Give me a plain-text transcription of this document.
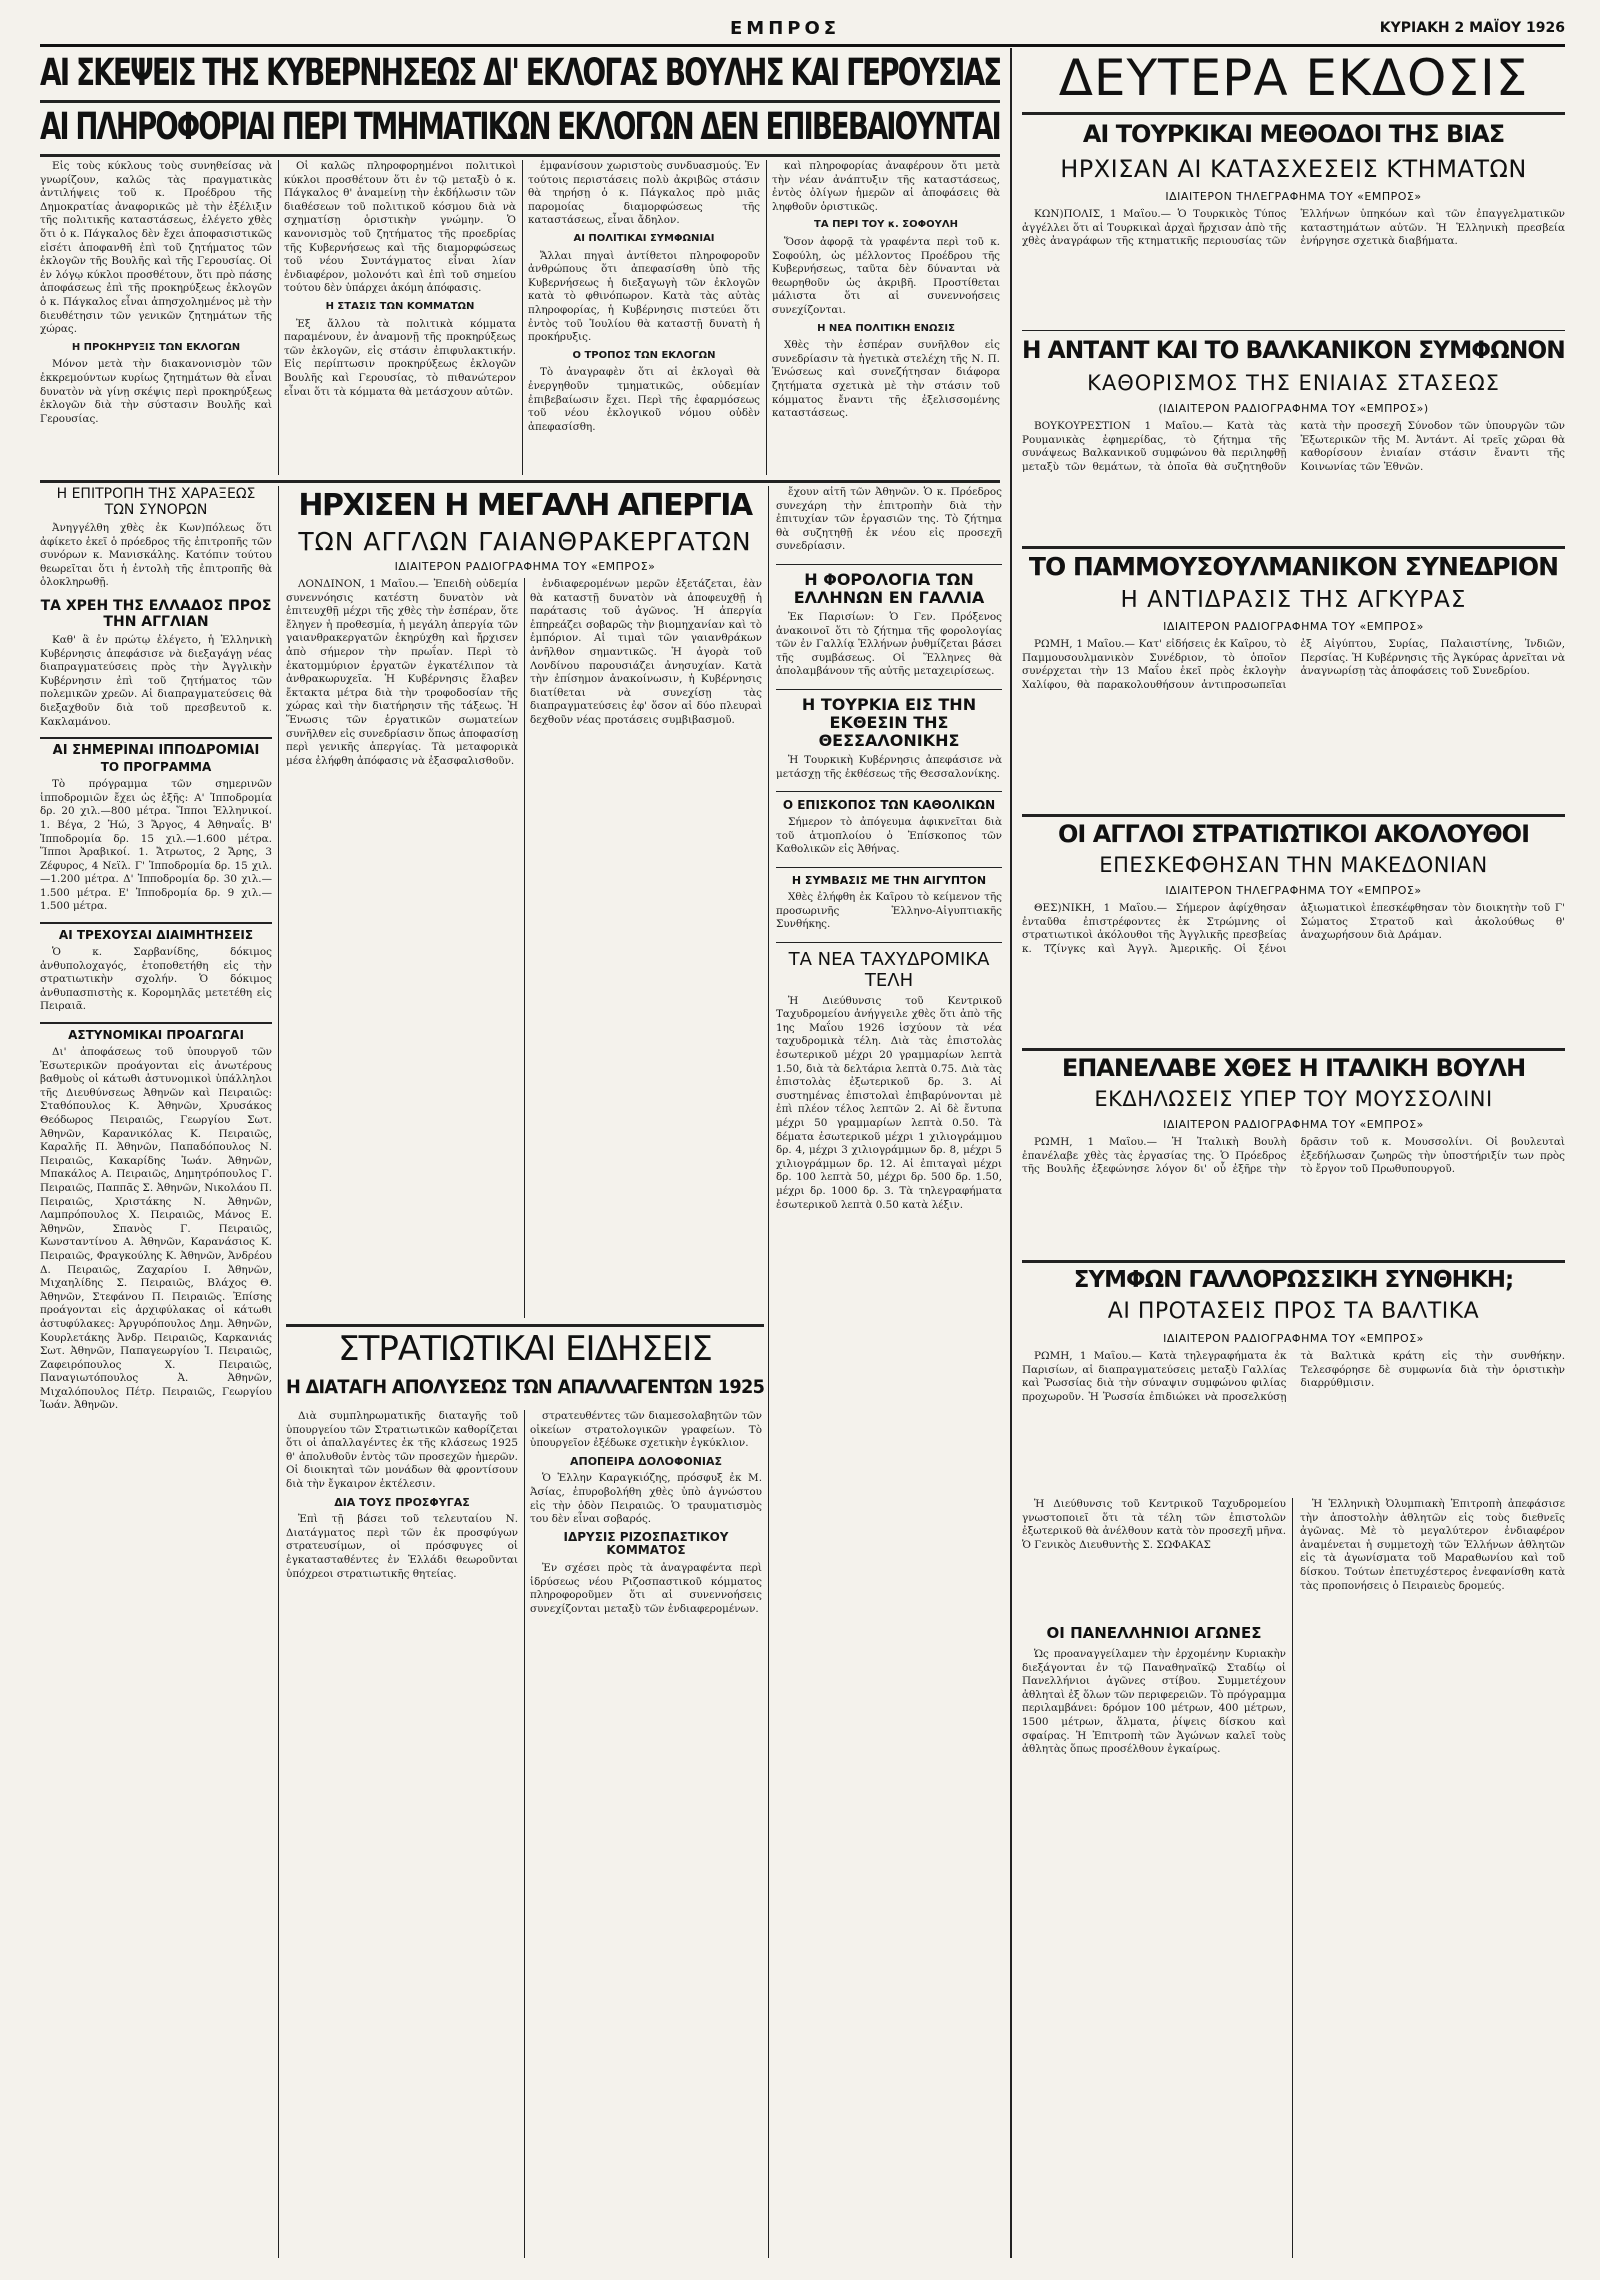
ΕΜΠΡΟΣ	ΚΥΡΙΑΚΗ 2 ΜΑΪΟΥ 1926
ΑΙ ΣΚΕΨΕΙΣ ΤΗΣ ΚΥΒΕΡΝΗΣΕΩΣ ΔΙ' ΕΚΛΟΓΑΣ ΒΟΥΛΗΣ ΚΑΙ ΓΕΡΟΥΣΙΑΣ
ΑΙ ΠΛΗΡΟΦΟΡΙΑΙ ΠΕΡΙ ΤΜΗΜΑΤΙΚΩΝ ΕΚΛΟΓΩΝ ΔΕΝ ΕΠΙΒΕΒΑΙΟΥΝΤΑΙ

Εἰς τοὺς κύκλους τοὺς συνηθείσας νὰ γνωρίζουν, καλῶς τὰς πραγματικὰς ἀντιλήψεις τοῦ κ. Προέδρου τῆς Δημοκρατίας ἀναφορικῶς μὲ τὴν ἐξέλιξιν τῆς πολιτικῆς καταστάσεως, ἐλέγετο χθὲς ὅτι ὁ κ. Πάγκαλος δὲν ἔχει ἀποφασιστικῶς εἰσέτι ἀποφανθῆ ἐπὶ τοῦ ζητήματος τῶν ἐκλογῶν τῆς Βουλῆς καὶ τῆς Γερουσίας. Οἱ ἐν λόγῳ κύκλοι προσθέτουν, ὅτι πρὸ πάσης ἀποφάσεως ἐπὶ τῆς προκηρύξεως ἐκλογῶν ὁ κ. Πάγκαλος εἶναι ἀπησχολημένος μὲ τὴν διευθέτησιν τῶν γενικῶν ζητημάτων τῆς χώρας.

Η ΠΡΟΚΗΡΥΞΙΣ ΤΩΝ ΕΚΛΟΓΩΝ

Μόνον μετὰ τὴν διακανονισμὸν τῶν ἐκκρεμούντων κυρίως ζητημάτων θὰ εἶναι δυνατὸν νὰ γίνῃ σκέψις περὶ προκηρύξεως ἐκλογῶν διὰ τὴν σύστασιν Βουλῆς καὶ Γερουσίας.

Οἱ καλῶς πληροφορημένοι πολιτικοὶ κύκλοι προσθέτουν ὅτι ἐν τῷ μεταξὺ ὁ κ. Πάγκαλος θ' ἀναμείνῃ τὴν ἐκδήλωσιν τῶν διαθέσεων τοῦ πολιτικοῦ κόσμου διὰ νὰ σχηματίσῃ ὁριστικὴν γνώμην. Ὁ κανονισμὸς τοῦ ζητήματος τῆς προεδρίας τῆς Κυβερνήσεως καὶ τῆς διαμορφώσεως τοῦ νέου Συντάγματος εἶναι λίαν ἐνδιαφέρον, μολονότι καὶ ἐπὶ τοῦ σημείου τούτου δὲν ὑπάρχει ἀκόμη ἀπόφασις.

Η ΣΤΑΣΙΣ ΤΩΝ ΚΟΜΜΑΤΩΝ

Ἐξ ἄλλου τὰ πολιτικὰ κόμματα παραμένουν, ἐν ἀναμονῇ τῆς προκηρύξεως τῶν ἐκλογῶν, εἰς στάσιν ἐπιφυλακτικήν. Εἰς περίπτωσιν προκηρύξεως ἐκλογῶν Βουλῆς καὶ Γερουσίας, τὸ πιθανώτερον εἶναι ὅτι τὰ κόμματα θὰ μετάσχουν αὐτῶν.

ἐμφανίσουν χωριστοὺς συνδυασμούς. Ἐν τούτοις περιστάσεις πολὺ ἀκριβῶς στάσιν θὰ τηρήσῃ ὁ κ. Πάγκαλος πρὸ μιᾶς παρομοίας διαμορφώσεως τῆς καταστάσεως, εἶναι ἄδηλον.

ΑΙ ΠΟΛΙΤΙΚΑΙ ΣΥΜΦΩΝΙΑΙ

Ἄλλαι πηγαὶ ἀντίθετοι πληροφοροῦν ἀνθρώπους ὅτι ἀπεφασίσθη ὑπὸ τῆς Κυβερνήσεως ἡ διεξαγωγὴ τῶν ἐκλογῶν κατὰ τὸ φθινόπωρον. Κατὰ τὰς αὐτὰς πληροφορίας, ἡ Κυβέρνησις πιστεύει ὅτι ἐντὸς τοῦ Ἰουλίου θὰ καταστῇ δυνατὴ ἡ προκήρυξις.

Ο ΤΡΟΠΟΣ ΤΩΝ ΕΚΛΟΓΩΝ

Τὸ ἀναγραφὲν ὅτι αἱ ἐκλογαὶ θὰ ἐνεργηθοῦν τμηματικῶς, οὐδεμίαν ἐπιβεβαίωσιν ἔχει. Περὶ τῆς ἐφαρμόσεως τοῦ νέου ἐκλογικοῦ νόμου οὐδὲν ἀπεφασίσθη.

καὶ πληροφορίας ἀναφέρουν ὅτι μετὰ τὴν νέαν ἀνάπτυξιν τῆς καταστάσεως, ἐντὸς ὀλίγων ἡμερῶν αἱ ἀποφάσεις θὰ ληφθοῦν ὁριστικῶς.

ΤΑ ΠΕΡΙ ΤΟΥ κ. ΣΟΦΟΥΛΗ

Ὅσον ἀφορᾷ τὰ γραφέντα περὶ τοῦ κ. Σοφούλη, ὡς μέλλοντος Προέδρου τῆς Κυβερνήσεως, ταῦτα δὲν δύνανται νὰ θεωρηθοῦν ὡς ἀκριβῆ. Προστίθεται μάλιστα ὅτι αἱ συνεννοήσεις συνεχίζονται.

Η ΝΕΑ ΠΟΛΙΤΙΚΗ ΕΝΩΣΙΣ

Χθὲς τὴν ἑσπέραν συνῆλθον εἰς συνεδρίασιν τὰ ἡγετικὰ στελέχη τῆς Ν. Π. Ἑνώσεως καὶ συνεζήτησαν διάφορα ζητήματα σχετικὰ μὲ τὴν στάσιν τοῦ κόμματος ἔναντι τῆς ἐξελισσομένης καταστάσεως.

ΔΕΥΤΕΡΑ ΕΚΔΟΣΙΣ
ΑΙ ΤΟΥΡΚΙΚΑΙ ΜΕΘΟΔΟΙ ΤΗΣ ΒΙΑΣ
ΗΡΧΙΣΑΝ ΑΙ ΚΑΤΑΣΧΕΣΕΙΣ ΚΤΗΜΑΤΩΝ
ΙΔΙΑΙΤΕΡΟΝ ΤΗΛΕΓΡΑΦΗΜΑ ΤΟΥ «ΕΜΠΡΟΣ»

ΚΩΝ)ΠΟΛΙΣ, 1 Μαΐου.— Ὁ Τουρκικὸς Τύπος ἀγγέλλει ὅτι αἱ Τουρκικαὶ ἀρχαὶ ἤρχισαν ἀπὸ τῆς χθὲς ἀναγράφων τῆς κτηματικῆς περιουσίας τῶν Ἑλλήνων ὑπηκόων καὶ τῶν ἐπαγγελματικῶν καταστημάτων αὐτῶν. Ἡ Ἑλληνικὴ πρεσβεία ἐνήργησε σχετικὰ διαβήματα.

Η ΑΝΤΑΝΤ ΚΑΙ ΤΟ ΒΑΛΚΑΝΙΚΟΝ ΣΥΜΦΩΝΟΝ
ΚΑΘΟΡΙΣΜΟΣ ΤΗΣ ΕΝΙΑΙΑΣ ΣΤΑΣΕΩΣ
(ΙΔΙΑΙΤΕΡΟΝ ΡΑΔΙΟΓΡΑΦΗΜΑ ΤΟΥ «ΕΜΠΡΟΣ»)

ΒΟΥΚΟΥΡΕΣΤΙΟΝ 1 Μαΐου.— Κατὰ τὰς Ρουμανικὰς ἐφημερίδας, τὸ ζήτημα τῆς συνάψεως Βαλκανικοῦ συμφώνου θὰ περιληφθῇ μεταξὺ τῶν θεμάτων, τὰ ὁποῖα θὰ συζητηθοῦν κατὰ τὴν προσεχῆ Σύνοδον τῶν ὑπουργῶν τῶν Ἐξωτερικῶν τῆς Μ. Ἀντάντ. Αἱ τρεῖς χῶραι θὰ καθορίσουν ἑνιαίαν στάσιν ἔναντι τῆς Κοινωνίας τῶν Ἐθνῶν.

Η ΕΠΙΤΡΟΠΗ ΤΗΣ ΧΑΡΑΞΕΩΣ ΤΩΝ ΣΥΝΟΡΩΝ

Ἀνηγγέλθη χθὲς ἐκ Κων)πόλεως ὅτι ἀφίκετο ἐκεῖ ὁ πρόεδρος τῆς ἐπιτροπῆς τῶν συνόρων κ. Μανισκάλης. Κατόπιν τούτου θεωρεῖται ὅτι ἡ ἐντολὴ τῆς ἐπιτροπῆς θὰ ὁλοκληρωθῇ.

ΤΑ ΧΡΕΗ ΤΗΣ ΕΛΛΑΔΟΣ ΠΡΟΣ ΤΗΝ ΑΓΓΛΙΑΝ

Καθ' ἃ ἐν πρώτῳ ἐλέγετο, ἡ Ἑλληνικὴ Κυβέρνησις ἀπεφάσισε νὰ διεξαγάγῃ νέας διαπραγματεύσεις πρὸς τὴν Ἀγγλικὴν Κυβέρνησιν ἐπὶ τοῦ ζητήματος τῶν πολεμικῶν χρεῶν. Αἱ διαπραγματεύσεις θὰ διεξαχθοῦν διὰ τοῦ πρεσβευτοῦ κ. Κακλαμάνου.

ΑΙ ΣΗΜΕΡΙΝΑΙ ΙΠΠΟΔΡΟΜΙΑΙ
ΤΟ ΠΡΟΓΡΑΜΜΑ

Τὸ πρόγραμμα τῶν σημερινῶν ἱπποδρομιῶν ἔχει ὡς ἑξῆς: Α' Ἱπποδρομία δρ. 20 χιλ.—800 μέτρα. Ἵπποι Ἑλληνικοί. 1. Βέγα, 2 Ἠώ, 3 Ἄργος, 4 Ἀθηναΐς. Β' Ἱπποδρομία δρ. 15 χιλ.—1.600 μέτρα. Ἵπποι Ἀραβικοί. 1. Ἄτρωτος, 2 Ἄρης, 3 Ζέφυρος, 4 Νεϊλ. Γ' Ἱπποδρομία δρ. 15 χιλ.—1.200 μέτρα. Δ' Ἱπποδρομία δρ. 30 χιλ.—1.500 μέτρα. Ε' Ἱπποδρομία δρ. 9 χιλ.—1.500 μέτρα.

ΑΙ ΤΡΕΧΟΥΣΑΙ ΔΙΑΙΜΗΤΗΣΕΙΣ

Ὁ κ. Σαρβανίδης, δόκιμος ἀνθυπολοχαγός, ἐτοποθετήθη εἰς τὴν στρατιωτικὴν σχολήν. Ὁ δόκιμος ἀνθυπασπιστὴς κ. Κορομηλᾶς μετετέθη εἰς Πειραιᾶ.

ΑΣΤΥΝΟΜΙΚΑΙ ΠΡΟΑΓΩΓΑΙ

Δι' ἀποφάσεως τοῦ ὑπουργοῦ τῶν Ἐσωτερικῶν προάγονται εἰς ἀνωτέρους βαθμοὺς οἱ κάτωθι ἀστυνομικοὶ ὑπάλληλοι τῆς Διευθύνσεως Ἀθηνῶν καὶ Πειραιῶς: Σταθόπουλος Κ. Ἀθηνῶν, Χρυσάκος Θεόδωρος Πειραιῶς, Γεωργίου Σωτ. Ἀθηνῶν, Καρανικόλας Κ. Πειραιῶς, Καραλῆς Π. Ἀθηνῶν, Παπαδόπουλος Ν. Πειραιῶς, Κακαρίδης Ἰωάν. Ἀθηνῶν, Μπακάλος Α. Πειραιῶς, Δημητρόπουλος Γ. Πειραιῶς, Παππᾶς Σ. Ἀθηνῶν, Νικολάου Π. Πειραιῶς, Χριστάκης Ν. Ἀθηνῶν, Λαμπρόπουλος Χ. Πειραιῶς, Μάνος Ε. Ἀθηνῶν, Σπανὸς Γ. Πειραιῶς, Κωνσταντίνου Α. Ἀθηνῶν, Καρανάσιος Κ. Πειραιῶς, Φραγκούλης Κ. Ἀθηνῶν, Ἀνδρέου Δ. Πειραιῶς, Ζαχαρίου Ι. Ἀθηνῶν, Μιχαηλίδης Σ. Πειραιῶς, Βλάχος Θ. Ἀθηνῶν, Στεφάνου Π. Πειραιῶς. Ἐπίσης προάγονται εἰς ἀρχιφύλακας οἱ κάτωθι ἀστυφύλακες: Ἀργυρόπουλος Δημ. Ἀθηνῶν, Κουρλετάκης Ἀνδρ. Πειραιῶς, Καρκανιάς Σωτ. Ἀθηνῶν, Παπαγεωργίου Ἰ. Πειραιῶς, Ζαφειρόπουλος Χ. Πειραιῶς, Παναγιωτόπουλος Ἀ. Ἀθηνῶν, Μιχαλόπουλος Πέτρ. Πειραιῶς, Γεωργίου Ἰωάν. Ἀθηνῶν.

ΗΡΧΙΣΕΝ Η ΜΕΓΑΛΗ ΑΠΕΡΓΙΑ
ΤΩΝ ΑΓΓΛΩΝ ΓΑΙΑΝΘΡΑΚΕΡΓΑΤΩΝ
ΙΔΙΑΙΤΕΡΟΝ ΡΑΔΙΟΓΡΑΦΗΜΑ ΤΟΥ «ΕΜΠΡΟΣ»

ΛΟΝΔΙΝΟΝ, 1 Μαΐου.— Ἐπειδὴ οὐδεμία συνεννόησις κατέστη δυνατὸν νὰ ἐπιτευχθῇ μέχρι τῆς χθὲς τὴν ἑσπέραν, ὅτε ἔληγεν ἡ προθεσμία, ἡ μεγάλη ἀπεργία τῶν γαιανθρακεργατῶν ἐκηρύχθη καὶ ἤρχισεν ἀπὸ σήμερον τὴν πρωΐαν. Περὶ τὸ ἑκατομμύριον ἐργατῶν ἐγκατέλιπον τὰ ἀνθρακωρυχεῖα. Ἡ Κυβέρνησις ἔλαβεν ἔκτακτα μέτρα διὰ τὴν τροφοδοσίαν τῆς χώρας καὶ τὴν διατήρησιν τῆς τάξεως. Ἡ Ἕνωσις τῶν ἐργατικῶν σωματείων συνῆλθεν εἰς συνεδρίασιν ὅπως ἀποφασίσῃ περὶ γενικῆς ἀπεργίας. Τὰ μεταφορικὰ μέσα ἐλήφθη ἀπόφασις νὰ ἐξασφαλισθοῦν.

ἐνδιαφερομένων μερῶν ἐξετάζεται, ἐὰν θὰ καταστῇ δυνατὸν νὰ ἀποφευχθῇ ἡ παράτασις τοῦ ἀγῶνος. Ἡ ἀπεργία ἐπηρεάζει σοβαρῶς τὴν βιομηχανίαν καὶ τὸ ἐμπόριον. Αἱ τιμαὶ τῶν γαιανθράκων ἀνῆλθον σημαντικῶς. Ἡ ἀγορὰ τοῦ Λονδίνου παρουσιάζει ἀνησυχίαν. Κατὰ τὴν ἐπίσημον ἀνακοίνωσιν, ἡ Κυβέρνησις διατίθεται νὰ συνεχίσῃ τὰς διαπραγματεύσεις ἐφ' ὅσον αἱ δύο πλευραὶ δεχθοῦν νέας προτάσεις συμβιβασμοῦ.

ΣΤΡΑΤΙΩΤΙΚΑΙ ΕΙΔΗΣΕΙΣ
Η ΔΙΑΤΑΓΗ ΑΠΟΛΥΣΕΩΣ ΤΩΝ ΑΠΑΛΛΑΓΕΝΤΩΝ 1925

Διὰ συμπληρωματικῆς διαταγῆς τοῦ ὑπουργείου τῶν Στρατιωτικῶν καθορίζεται ὅτι οἱ ἀπαλλαγέντες ἐκ τῆς κλάσεως 1925 θ' ἀπολυθοῦν ἐντὸς τῶν προσεχῶν ἡμερῶν. Οἱ διοικηταὶ τῶν μονάδων θὰ φροντίσουν διὰ τὴν ἔγκαιρον ἐκτέλεσιν.

ΔΙΑ ΤΟΥΣ ΠΡΟΣΦΥΓΑΣ

Ἐπὶ τῇ βάσει τοῦ τελευταίου Ν. Διατάγματος περὶ τῶν ἐκ προσφύγων στρατευσίμων, οἱ πρόσφυγες οἱ ἐγκατασταθέντες ἐν Ἑλλάδι θεωροῦνται ὑπόχρεοι στρατιωτικῆς θητείας.

στρατευθέντες τῶν διαμεσολαβητῶν τῶν οἰκείων στρατολογικῶν γραφείων. Τὸ ὑπουργεῖον ἐξέδωκε σχετικὴν ἐγκύκλιον.

ΑΠΟΠΕΙΡΑ ΔΟΛΟΦΟΝΙΑΣ

Ὁ Ἑλλην Καραγκιόζης, πρόσφυξ ἐκ Μ. Ἀσίας, ἐπυροβολήθη χθὲς ὑπὸ ἀγνώστου εἰς τὴν ὁδὸν Πειραιῶς. Ὁ τραυματισμὸς του δὲν εἶναι σοβαρός.

ΙΔΡΥΣΙΣ ΡΙΖΟΣΠΑΣΤΙΚΟΥ ΚΟΜΜΑΤΟΣ

Ἐν σχέσει πρὸς τὰ ἀναγραφέντα περὶ ἱδρύσεως νέου Ριζοσπαστικοῦ κόμματος πληροφοροῦμεν ὅτι αἱ συνεννοήσεις συνεχίζονται μεταξὺ τῶν ἐνδιαφερομένων.

ἔχουν αἰτῆ τῶν Ἀθηνῶν. Ὁ κ. Πρόεδρος συνεχάρη τὴν ἐπιτροπὴν διὰ τὴν ἐπιτυχίαν τῶν ἐργασιῶν της. Τὸ ζήτημα θὰ συζητηθῇ ἐκ νέου εἰς προσεχῆ συνεδρίασιν.

Η ΦΟΡΟΛΟΓΙΑ ΤΩΝ ΕΛΛΗΝΩΝ ΕΝ ΓΑΛΛΙΑ

Ἐκ Παρισίων: Ὁ Γεν. Πρόξενος ἀνακοινοῖ ὅτι τὸ ζήτημα τῆς φορολογίας τῶν ἐν Γαλλίᾳ Ἑλλήνων ῥυθμίζεται βάσει τῆς συμβάσεως. Οἱ Ἕλληνες θὰ ἀπολαμβάνουν τῆς αὐτῆς μεταχειρίσεως.

Η ΤΟΥΡΚΙΑ ΕΙΣ ΤΗΝ ΕΚΘΕΣΙΝ ΤΗΣ ΘΕΣΣΑΛΟΝΙΚΗΣ

Ἡ Τουρκικὴ Κυβέρνησις ἀπεφάσισε νὰ μετάσχῃ τῆς ἐκθέσεως τῆς Θεσσαλονίκης.

Ο ΕΠΙΣΚΟΠΟΣ ΤΩΝ ΚΑΘΟΛΙΚΩΝ

Σήμερον τὸ ἀπόγευμα ἀφικνεῖται διὰ τοῦ ἀτμοπλοίου ὁ Ἐπίσκοπος τῶν Καθολικῶν εἰς Ἀθήνας.

Η ΣΥΜΒΑΣΙΣ ΜΕ ΤΗΝ ΑΙΓΥΠΤΟΝ

Χθὲς ἐλήφθη ἐκ Καΐρου τὸ κείμενον τῆς προσωρινῆς Ἑλληνο-Αἰγυπτιακῆς Συνθήκης.

ΤΑ ΝΕΑ ΤΑΧΥΔΡΟΜΙΚΑ ΤΕΛΗ

Ἡ Διεύθυνσις τοῦ Κεντρικοῦ Ταχυδρομείου ἀνήγγειλε χθὲς ὅτι ἀπὸ τῆς 1ης Μαΐου 1926 ἰσχύουν τὰ νέα ταχυδρομικὰ τέλη. Διὰ τὰς ἐπιστολὰς ἐσωτερικοῦ μέχρι 20 γραμμαρίων λεπτὰ 1.50, διὰ τὰ δελτάρια λεπτὰ 0.75. Διὰ τὰς ἐπιστολὰς ἐξωτερικοῦ δρ. 3. Αἱ συστημένας ἐπιστολαὶ ἐπιβαρύνονται μὲ ἐπὶ πλέον τέλος λεπτῶν 2. Αἱ δὲ ἔντυπα μέχρι 50 γραμμαρίων λεπτὰ 0.50. Τὰ δέματα ἐσωτερικοῦ μέχρι 1 χιλιογράμμου δρ. 4, μέχρι 3 χιλιογράμμων δρ. 8, μέχρι 5 χιλιογράμμων δρ. 12. Αἱ ἐπιταγαὶ μέχρι δρ. 100 λεπτὰ 50, μέχρι δρ. 500 δρ. 1.50, μέχρι δρ. 1000 δρ. 3. Τὰ τηλεγραφήματα ἐσωτερικοῦ λεπτὰ 0.50 κατὰ λέξιν.

ΤΟ ΠΑΜΜΟΥΣΟΥΛΜΑΝΙΚΟΝ ΣΥΝΕΔΡΙΟΝ
Η ΑΝΤΙΔΡΑΣΙΣ ΤΗΣ ΑΓΚΥΡΑΣ
ΙΔΙΑΙΤΕΡΟΝ ΡΑΔΙΟΓΡΑΦΗΜΑ ΤΟΥ «ΕΜΠΡΟΣ»

ΡΩΜΗ, 1 Μαΐου.— Κατ' εἰδήσεις ἐκ Καΐρου, τὸ Παμμουσουλμανικὸν Συνέδριον, τὸ ὁποῖον συνέρχεται τὴν 13 Μαΐου ἐκεῖ πρὸς ἐκλογὴν Χαλίφου, θὰ παρακολουθήσουν ἀντιπροσωπεῖαι ἐξ Αἰγύπτου, Συρίας, Παλαιστίνης, Ἰνδιῶν, Περσίας. Ἡ Κυβέρνησις τῆς Ἀγκύρας ἀρνεῖται νὰ ἀναγνωρίσῃ τὰς ἀποφάσεις τοῦ Συνεδρίου.

ΟΙ ΑΓΓΛΟΙ ΣΤΡΑΤΙΩΤΙΚΟΙ ΑΚΟΛΟΥΘΟΙ
ΕΠΕΣΚΕΦΘΗΣΑΝ ΤΗΝ ΜΑΚΕΔΟΝΙΑΝ
ΙΔΙΑΙΤΕΡΟΝ ΤΗΛΕΓΡΑΦΗΜΑ ΤΟΥ «ΕΜΠΡΟΣ»

ΘΕΣ)ΝΙΚΗ, 1 Μαΐου.— Σήμερον ἀφίχθησαν ἐνταῦθα ἐπιστρέφοντες ἐκ Στρώμνης οἱ στρατιωτικοὶ ἀκόλουθοι τῆς Ἀγγλικῆς πρεσβείας κ. Τζίνγκς καὶ Ἀγγλ. Ἀμερικῆς. Οἱ ξένοι ἀξιωματικοὶ ἐπεσκέφθησαν τὸν διοικητὴν τοῦ Γ' Σώματος Στρατοῦ καὶ ἀκολούθως θ' ἀναχωρήσουν διὰ Δράμαν.

ΕΠΑΝΕΛΑΒΕ ΧΘΕΣ Η ΙΤΑΛΙΚΗ ΒΟΥΛΗ
ΕΚΔΗΛΩΣΕΙΣ ΥΠΕΡ ΤΟΥ ΜΟΥΣΣΟΛΙΝΙ
ΙΔΙΑΙΤΕΡΟΝ ΡΑΔΙΟΓΡΑΦΗΜΑ ΤΟΥ «ΕΜΠΡΟΣ»

ΡΩΜΗ, 1 Μαΐου.— Ἡ Ἰταλικὴ Βουλὴ ἐπανέλαβε χθὲς τὰς ἐργασίας της. Ὁ Πρόεδρος τῆς Βουλῆς ἐξεφώνησε λόγον δι' οὗ ἐξῆρε τὴν δρᾶσιν τοῦ κ. Μουσσολίνι. Οἱ βουλευταὶ ἐξεδήλωσαν ζωηρῶς τὴν ὑποστήριξίν των πρὸς τὸ ἔργον τοῦ Πρωθυπουργοῦ.

ΣΥΜΦΩΝ ΓΑΛΛΟΡΩΣΣΙΚΗ ΣΥΝΘΗΚΗ;
ΑΙ ΠΡΟΤΑΣΕΙΣ ΠΡΟΣ ΤΑ ΒΑΛΤΙΚΑ
ΙΔΙΑΙΤΕΡΟΝ ΡΑΔΙΟΓΡΑΦΗΜΑ ΤΟΥ «ΕΜΠΡΟΣ»

ΡΩΜΗ, 1 Μαΐου.— Κατὰ τηλεγραφήματα ἐκ Παρισίων, αἱ διαπραγματεύσεις μεταξὺ Γαλλίας καὶ Ῥωσσίας διὰ τὴν σύναψιν συμφώνου φιλίας προχωροῦν. Ἡ Ῥωσσία ἐπιδιώκει νὰ προσελκύσῃ τὰ Βαλτικὰ κράτη εἰς τὴν συνθήκην. Τελεσφόρησε δὲ συμφωνία διὰ τὴν ὁριστικὴν διαρρύθμισιν.

Ἡ Διεύθυνσις τοῦ Κεντρικοῦ Ταχυδρομείου γνωστοποιεῖ ὅτι τὰ τέλη τῶν ἐπιστολῶν ἐξωτερικοῦ θὰ ἀνέλθουν κατὰ τὸν προσεχῆ μῆνα. Ὁ Γενικὸς Διευθυντὴς Σ. ΣΩΦΑΚΑΣ

ΟΙ ΠΑΝΕΛΛΗΝΙΟΙ ΑΓΩΝΕΣ

Ὡς προαναγγείλαμεν τὴν ἐρχομένην Κυριακὴν διεξάγονται ἐν τῷ Παναθηναϊκῷ Σταδίῳ οἱ Πανελλήνιοι ἀγῶνες στίβου. Συμμετέχουν ἀθληταὶ ἐξ ὅλων τῶν περιφερειῶν. Τὸ πρόγραμμα περιλαμβάνει: δρόμον 100 μέτρων, 400 μέτρων, 1500 μέτρων, ἅλματα, ῥίψεις δίσκου καὶ σφαίρας. Ἡ Ἐπιτροπὴ τῶν Ἀγώνων καλεῖ τοὺς ἀθλητὰς ὅπως προσέλθουν ἐγκαίρως.

Ἡ Ἑλληνικὴ Ὀλυμπιακὴ Ἐπιτροπὴ ἀπεφάσισε τὴν ἀποστολὴν ἀθλητῶν εἰς τοὺς διεθνεῖς ἀγῶνας. Μὲ τὸ μεγαλύτερον ἐνδιαφέρον ἀναμένεται ἡ συμμετοχὴ τῶν Ἑλλήνων ἀθλητῶν εἰς τὰ ἀγωνίσματα τοῦ Μαραθωνίου καὶ τοῦ δίσκου. Τούτων ἐπετυχέστερος ἐνεφανίσθη κατὰ τὰς προπονήσεις ὁ Πειραιεὺς δρομεύς.
